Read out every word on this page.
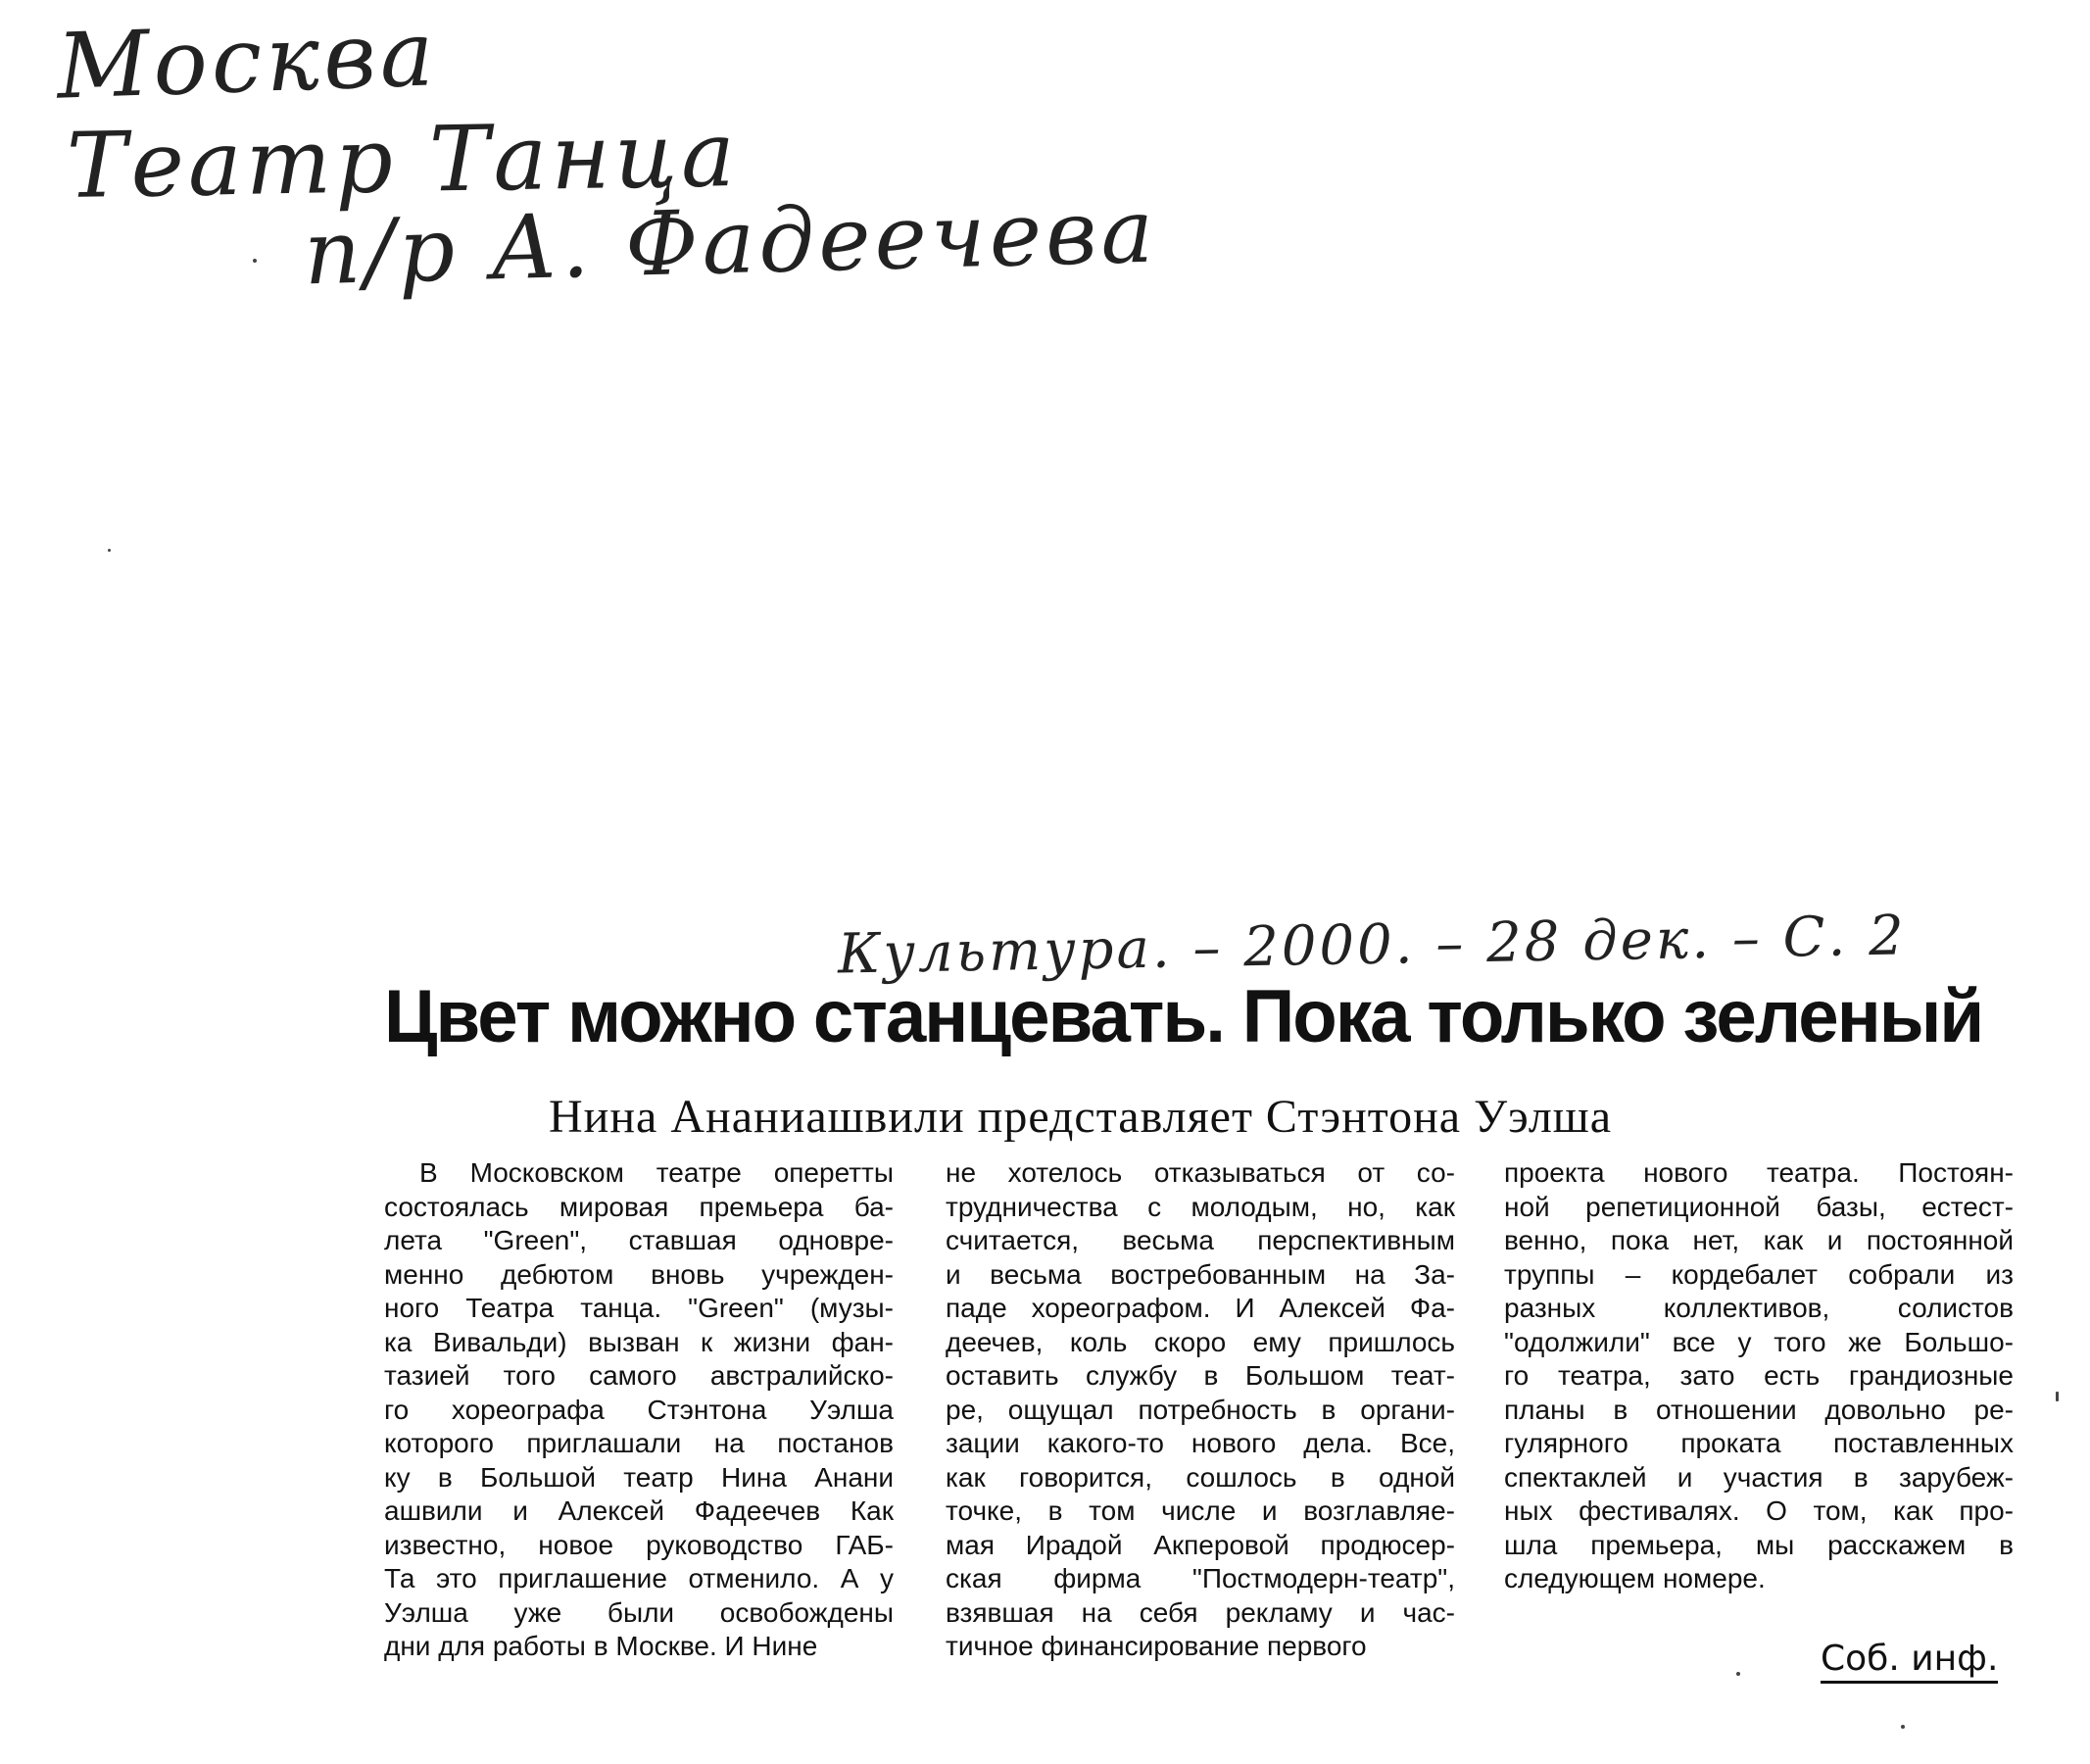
Москва
Театр Танца
п/р А. Фадеечева
Культура. – 2000. – 28 дек. – С. 2
Цвет можно станцевать. Пока только зеленый
Нина Ананиашвили представляет Стэнтона Уэлша
В Московском театре оперетты
состоялась мировая премьера ба-
лета "Green", ставшая одновре-
менно дебютом вновь учрежден-
ного Театра танца. "Green" (музы-
ка Вивальди) вызван к жизни фан-
тазией того самого австралийско-
го хореографа Стэнтона Уэлша
которого приглашали на постанов
ку в Большой театр Нина Анани
ашвили и Алексей Фадеечев Как
известно, новое руководство ГАБ-
Та это приглашение отменило. А у
Уэлша уже были освобождены
дни для работы в Москве. И Нине
не хотелось отказываться от со-
трудничества с молодым, но, как
считается, весьма перспективным
и весьма востребованным на За-
паде хореографом. И Алексей Фа-
деечев, коль скоро ему пришлось
оставить службу в Большом теат-
ре, ощущал потребность в органи-
зации какого-то нового дела. Все,
как говорится, сошлось в одной
точке, в том числе и возглавляе-
мая Ирадой Акперовой продюсер-
ская фирма "Постмодерн-театр",
взявшая на себя рекламу и час-
тичное финансирование первого
проекта нового театра. Постоян-
ной репетиционной базы, естест-
венно, пока нет, как и постоянной
труппы – кордебалет собрали из
разных коллективов, солистов
"одолжили" все у того же Большо-
го театра, зато есть грандиозные
планы в отношении довольно ре-
гулярного проката поставленных
спектаклей и участия в зарубеж-
ных фестивалях. О том, как про-
шла премьера, мы расскажем в
следующем номере.
Соб. инф.
